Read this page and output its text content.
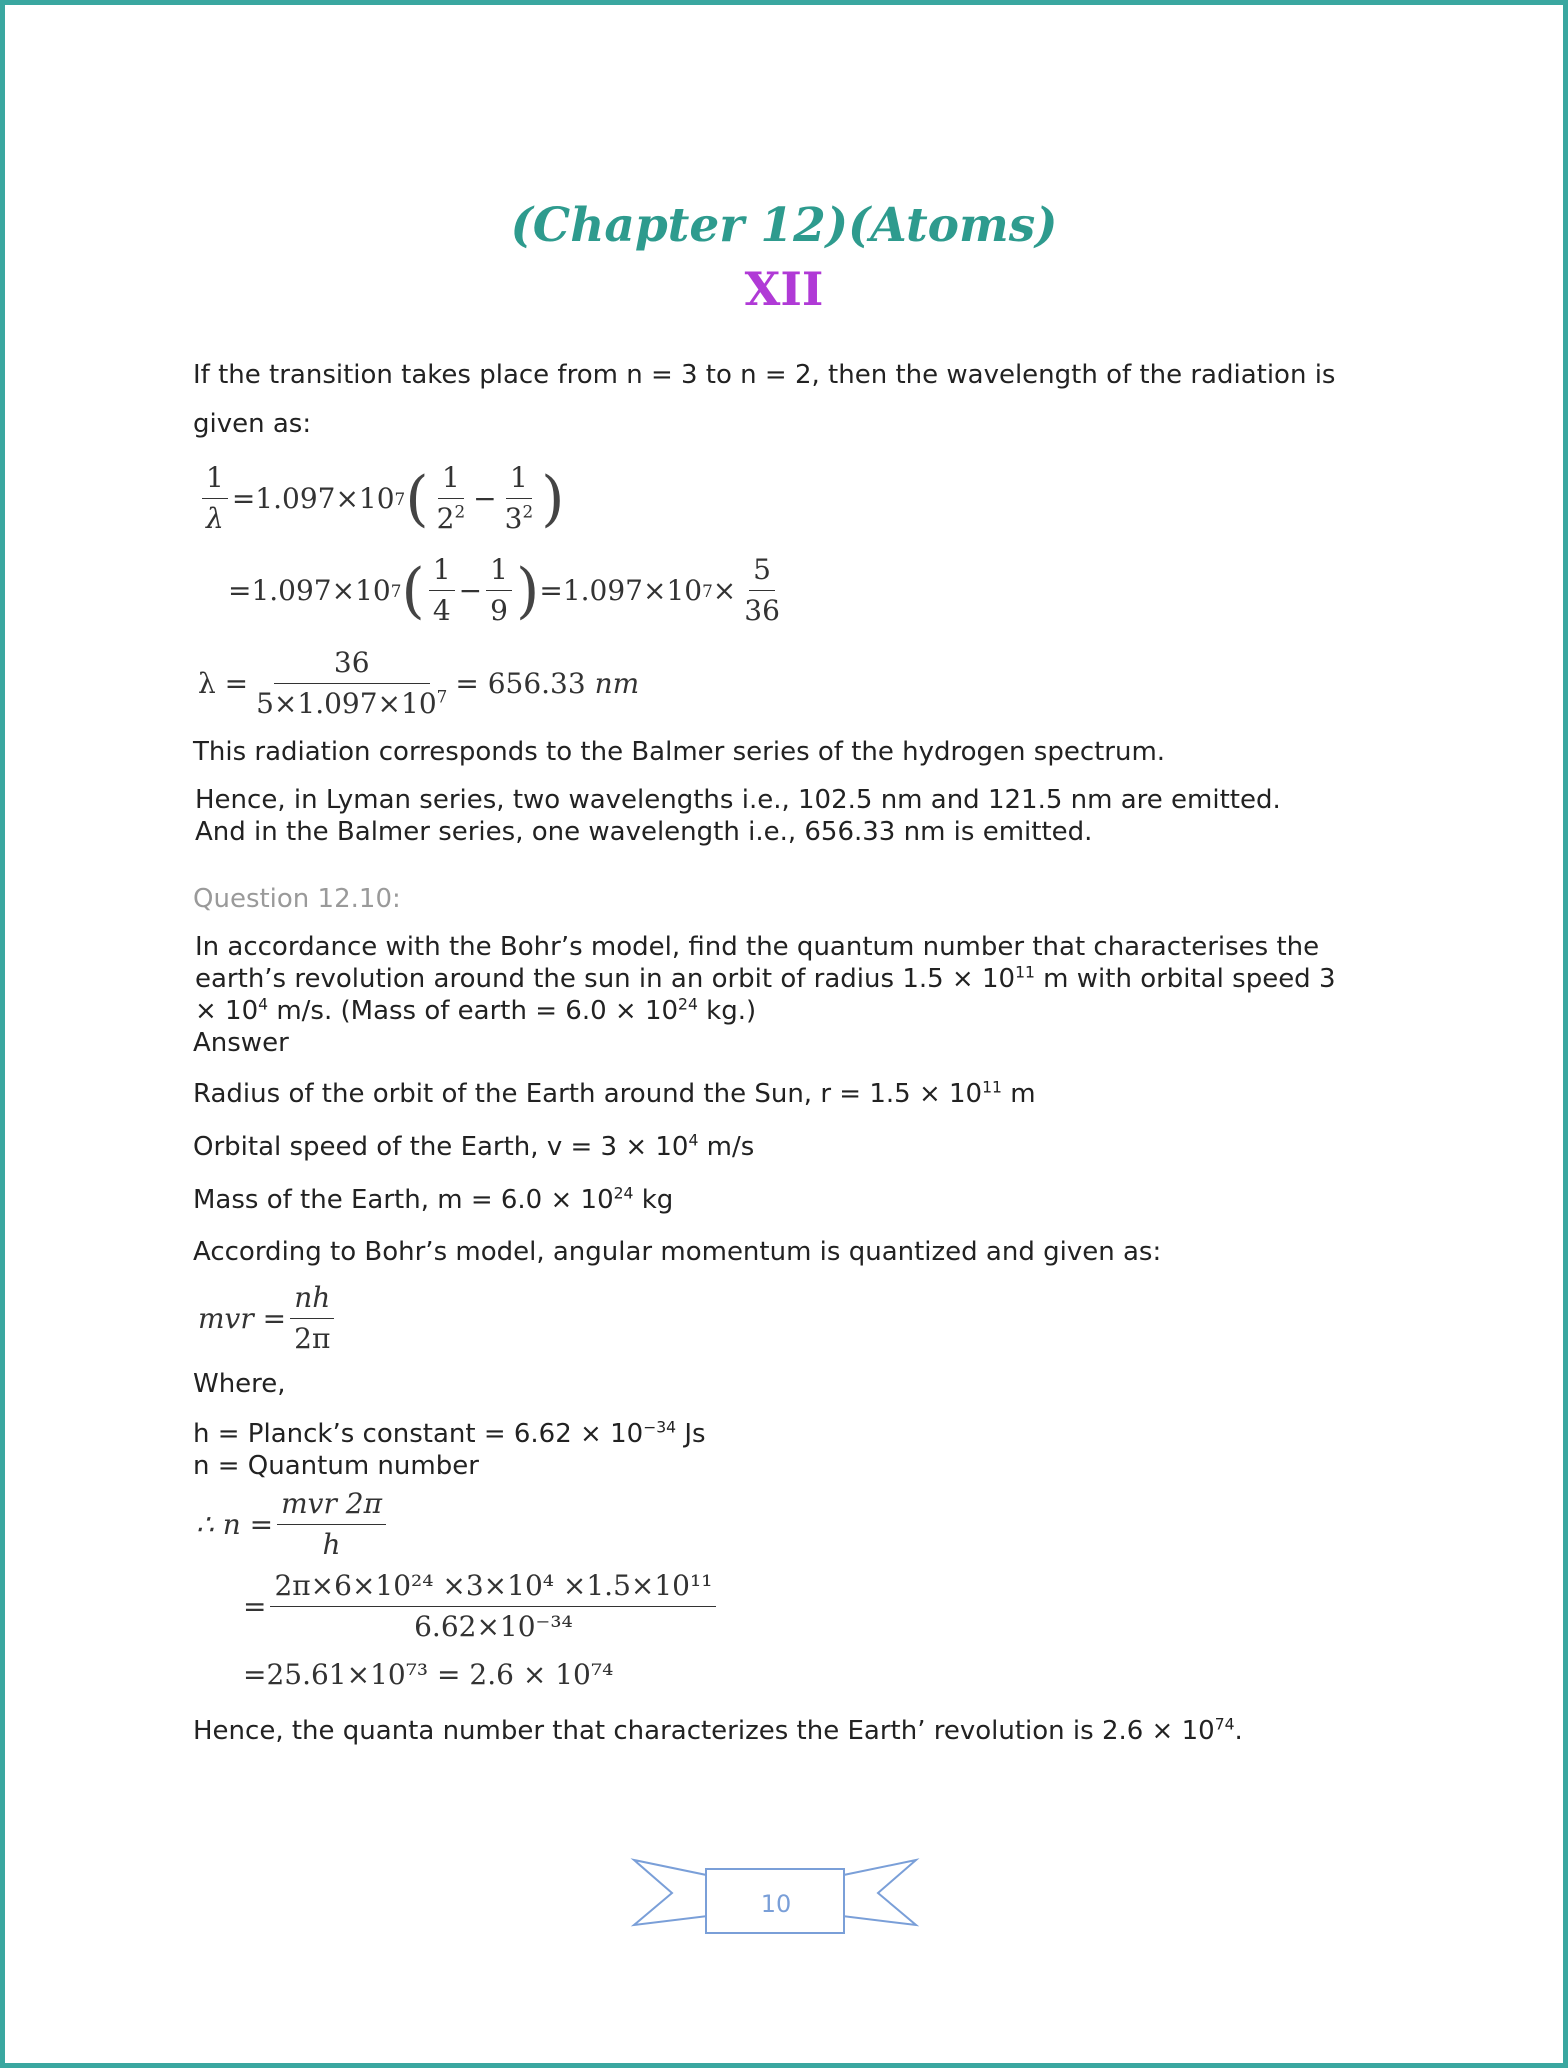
(Chapter 12)(Atoms)
XII
If the transition takes place from n = 3 to n = 2, then the wavelength of the radiation is
given as:
$\frac{1}{\lambda} =1.097\times 10$ 7 ( $\frac{1}{2^2} - \frac{1}{3^2}$ )
=1.097×10 7 ( $\frac{1}{4} - \frac{1}{9}$ ) =1.097×10 $7 \times \frac{5}{36}$
$\lambda = \frac{36}{5\times 1.097\times 10^7} = 656.33$
nm
This radiation corresponds to the Balmer series of the hydrogen spectrum.
Hence, in Lyman series, two wavelengths i.e., 102.5 nm and 121.5 nm are emitted.
And in the Balmer series, one wavelength i.e., 656.33 nm is emitted.
Question 12.10:
In accordance with the Bohr’s model, find the quantum number that characterises the
earth’s revolution around the sun in an orbit of radius $1.5 \times 10^{11}$ m with orbital speed 3
× $10^4$ m/s. (Mass of earth = $6.0 \times 10^{24}$ kg.)
Answer
Radius of the orbit of the Earth around the Sun, $r = 1.5 \times 10^{11}$ m
Orbital speed of the Earth, $v = 3 \times 10^4$ m/s
Mass of the Earth, $m = 6.0 \times 10^{24}$ kg
According to Bohr’s model, angular momentum is quantized and given as:
mvr = $\frac{nh}{2\pi}$
Where,
h = Planck’s constant = $6.62 \times 10^{-34}$ Js
n = Quantum number
∴ $n = \frac{\text{mvr 2π}}{h}$
= $\frac{\text{2π×6×10²⁴ ×3×10⁴ ×1.5×10¹¹}}{\text{6.62×10⁻³⁴}}$
=25.61×10⁷³ = 2.6 × 10⁷⁴
Hence, the quanta number that characterizes the Earth’ revolution is $2.6 \times 10^{74}$.
10
